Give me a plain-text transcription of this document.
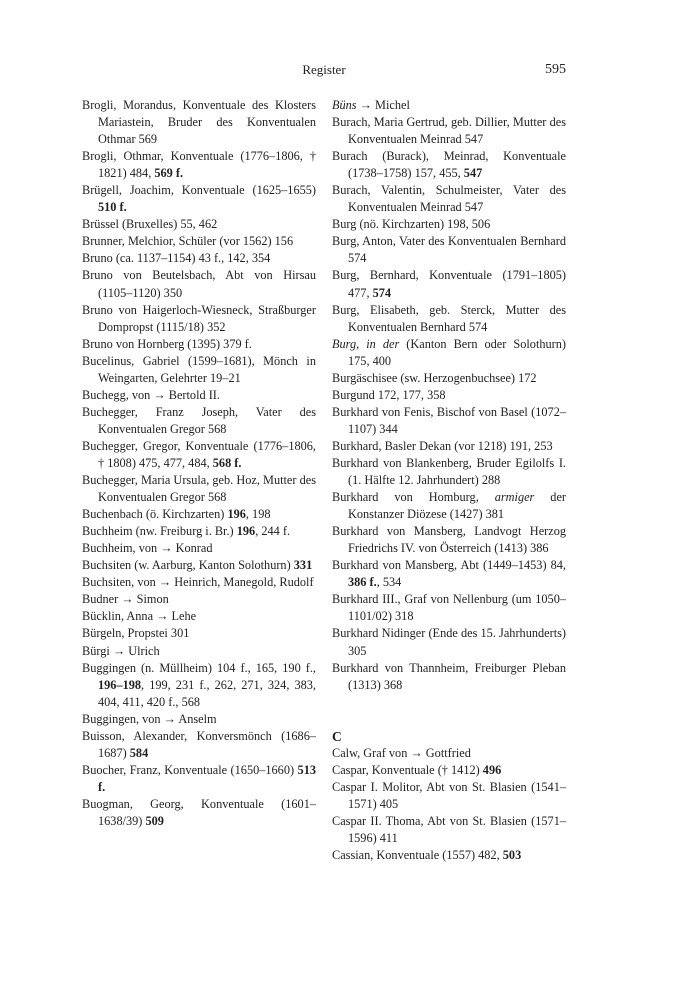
Register	595

Brogli, Morandus, Konventuale des Klosters Mariastein, Bruder des Konventualen Othmar 569

Brogli, Othmar, Konventuale (1776–1806, † 1821) 484, 569 f.

Brügell, Joachim, Konventuale (1625–1655) 510 f.

Brüssel (Bruxelles) 55, 462

Brunner, Melchior, Schüler (vor 1562) 156

Bruno (ca. 1137–1154) 43 f., 142, 354

Bruno von Beutelsbach, Abt von Hirsau (1105–1120) 350

Bruno von Haigerloch-Wiesneck, Straßburger Dompropst (1115/18) 352

Bruno von Hornberg (1395) 379 f.

Bucelinus, Gabriel (1599–1681), Mönch in Weingarten, Gelehrter 19–21

Buchegg, von → Bertold II.

Buchegger, Franz Joseph, Vater des Konventualen Gregor 568

Buchegger, Gregor, Konventuale (1776–1806, † 1808) 475, 477, 484, 568 f.

Buchegger, Maria Ursula, geb. Hoz, Mutter des Konventualen Gregor 568

Buchenbach (ö. Kirchzarten) 196, 198

Buchheim (nw. Freiburg i. Br.) 196, 244 f.

Buchheim, von → Konrad

Buchsiten (w. Aarburg, Kanton Solothurn) 331

Buchsiten, von → Heinrich, Manegold, Rudolf

Budner → Simon

Bücklin, Anna → Lehe

Bürgeln, Propstei 301

Bürgi → Ulrich

Buggingen (n. Müllheim) 104 f., 165, 190 f., 196–198, 199, 231 f., 262, 271, 324, 383, 404, 411, 420 f., 568

Buggingen, von → Anselm

Buisson, Alexander, Konversmönch (1686–1687) 584

Buocher, Franz, Konventuale (1650–1660) 513 f.

Buogman, Georg, Konventuale (1601–1638/39) 509

Büns → Michel

Burach, Maria Gertrud, geb. Dillier, Mutter des Konventualen Meinrad 547

Burach (Burack), Meinrad, Konventuale (1738–1758) 157, 455, 547

Burach, Valentin, Schulmeister, Vater des Konventualen Meinrad 547

Burg (nö. Kirchzarten) 198, 506

Burg, Anton, Vater des Konventualen Bernhard 574

Burg, Bernhard, Konventuale (1791–1805) 477, 574

Burg, Elisabeth, geb. Sterck, Mutter des Konventualen Bernhard 574

Burg, in der (Kanton Bern oder Solothurn) 175, 400

Burgäschisee (sw. Herzogenbuchsee) 172

Burgund 172, 177, 358

Burkhard von Fenis, Bischof von Basel (1072–1107) 344

Burkhard, Basler Dekan (vor 1218) 191, 253

Burkhard von Blankenberg, Bruder Egilolfs I. (1. Hälfte 12. Jahrhundert) 288

Burkhard von Homburg, armiger der Konstanzer Diözese (1427) 381

Burkhard von Mansberg, Landvogt Herzog Friedrichs IV. von Österreich (1413) 386

Burkhard von Mansberg, Abt (1449–1453) 84, 386 f., 534

Burkhard III., Graf von Nellenburg (um 1050–1101/02) 318

Burkhard Nidinger (Ende des 15. Jahrhunderts) 305

Burkhard von Thannheim, Freiburger Pleban (1313) 368

C

Calw, Graf von → Gottfried

Caspar, Konventuale († 1412) 496

Caspar I. Molitor, Abt von St. Blasien (1541–1571) 405

Caspar II. Thoma, Abt von St. Blasien (1571–1596) 411

Cassian, Konventuale (1557) 482, 503
